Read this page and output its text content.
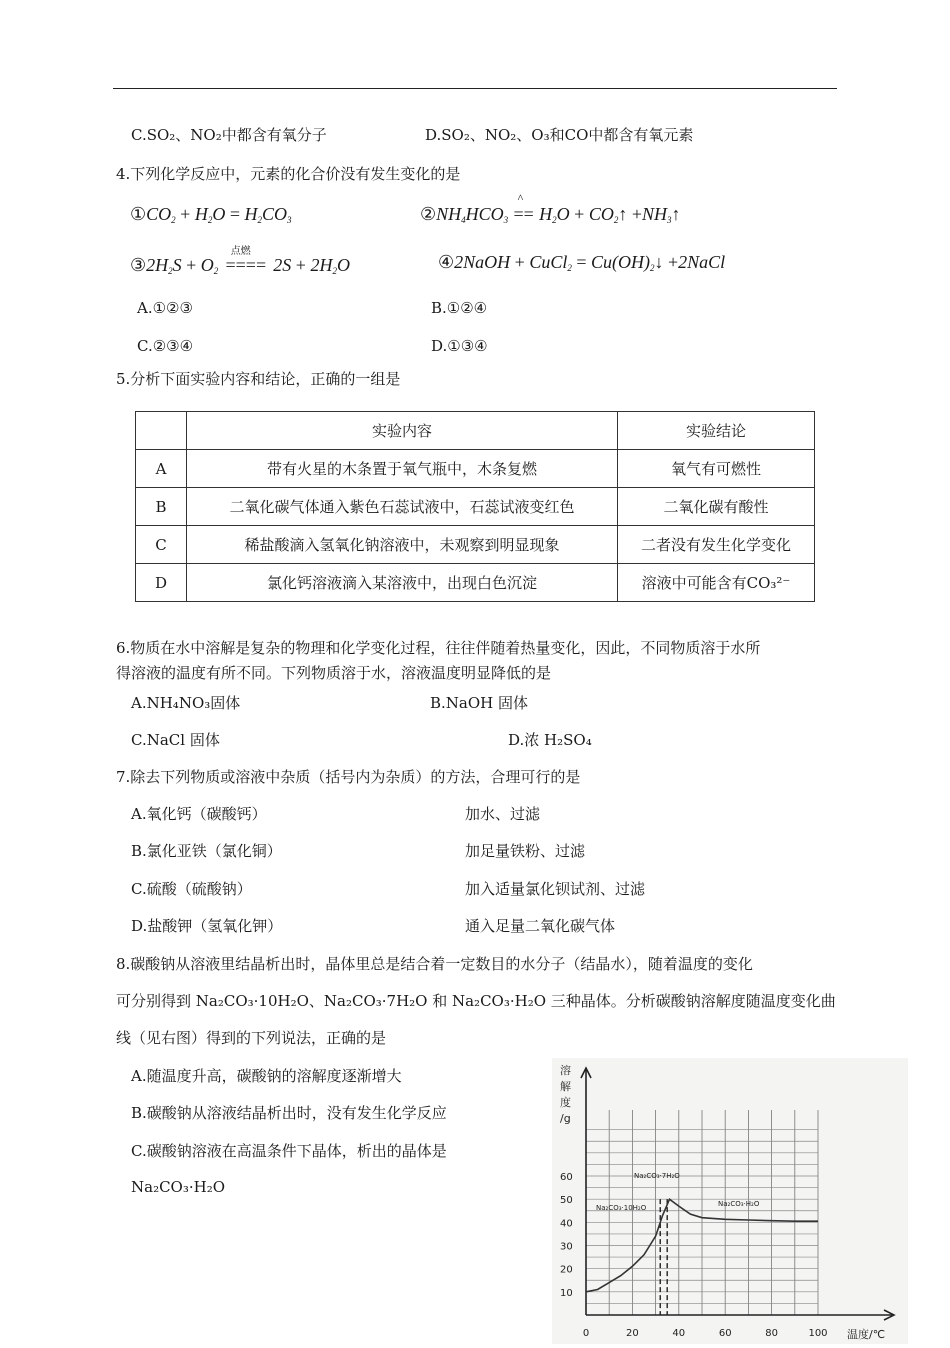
C.SO₂、NO₂中都含有氧分子	D.SO₂、NO₂、O₃和CO中都含有氧元素
4.下列化学反应中，元素的化合价没有发生变化的是
$①CO_2 + H_2O = H_2CO_3$	$②NH_4HCO_3$ ==
^
$H_2O$ + $CO_2↑$ $+NH_3↑$
$③2H_2S + O_2$ ====
点燃
$2S + 2H_2O$	④2NaOH + CuCl$_2$ = $Cu(OH)_2↓$ +2NaCl
A.①②③	B.①②④
C.②③④	D.①③④
5.分析下面实验内容和结论，正确的一组是
	实验内容	实验结论
A	带有火星的木条置于氧气瓶中，木条复燃	氧气有可燃性
B	二氧化碳气体通入紫色石蕊试液中，石蕊试液变红色	二氧化碳有酸性
C	稀盐酸滴入氢氧化钠溶液中，未观察到明显现象	二者没有发生化学变化
D	氯化钙溶液滴入某溶液中，出现白色沉淀	溶液中可能含有CO₃²⁻
6.物质在水中溶解是复杂的物理和化学变化过程，往往伴随着热量变化，因此，不同物质溶于水所
得溶液的温度有所不同。下列物质溶于水，溶液温度明显降低的是
A.NH₄NO₃固体	B.NaOH 固体
C.NaCl 固体	D.浓 H₂SO₄
7.除去下列物质或溶液中杂质（括号内为杂质）的方法，合理可行的是
A.氧化钙（碳酸钙）	加水、过滤
B.氯化亚铁（氯化铜）	加足量铁粉、过滤
C.硫酸（硫酸钠）	加入适量氯化钡试剂、过滤
D.盐酸钾（氢氧化钾）	通入足量二氧化碳气体
8.碳酸钠从溶液里结晶析出时，晶体里总是结合着一定数目的水分子（结晶水），随着温度的变化
可分别得到 Na₂CO₃·10H₂O、Na₂CO₃·7H₂O 和 Na₂CO₃·H₂O 三种晶体。分析碳酸钠溶解度随温度变化曲
线（见右图）得到的下列说法，正确的是
A.随温度升高，碳酸钠的溶解度逐渐增大
B.碳酸钠从溶液结晶析出时，没有发生化学反应
C.碳酸钠溶液在高温条件下晶体，析出的晶体是
Na₂CO₃·H₂O
溶
解
度
/g
温度/℃
10
20
30
40
50
60
0	20	40	60	80	100
Na₂CO₃·10H₂O
Na₂CO₃·7H₂O
Na₂CO₃·H₂O
